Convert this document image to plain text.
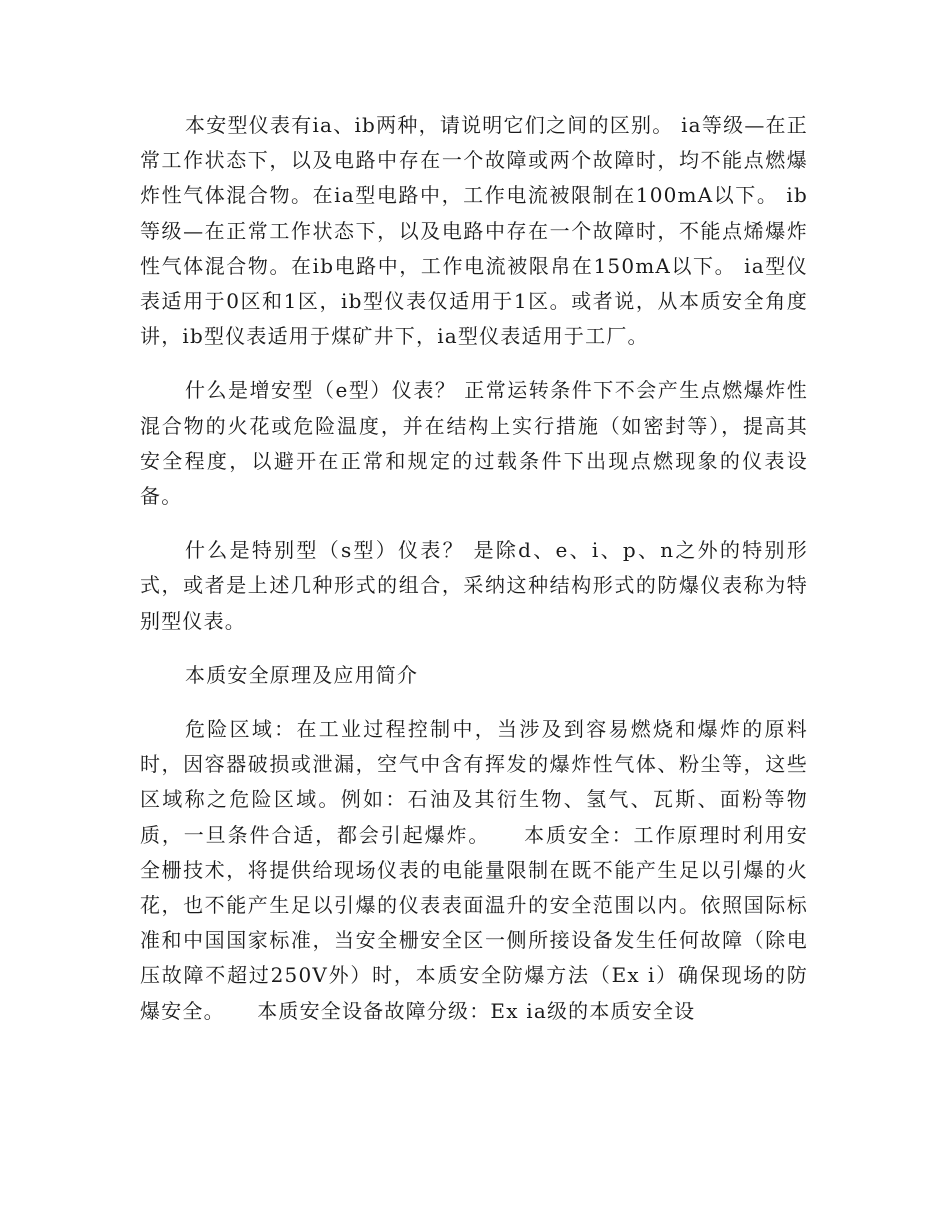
本安型仪表有ia、ib两种，请说明它们之间的区别。 ia等级—在正常工作状态下，以及电路中存在一个故障或两个故障时，均不能点燃爆炸性气体混合物。在ia型电路中，工作电流被限制在100mA以下。 ib等级—在正常工作状态下，以及电路中存在一个故障时，不能点烯爆炸性气体混合物。在ib电路中，工作电流被限帛在150mA以下。 ia型仪表适用于0区和1区，ib型仪表仅适用于1区。或者说，从本质安全角度讲，ib型仪表适用于煤矿井下，ia型仪表适用于工厂。

什么是增安型（e型）仪表？ 正常运转条件下不会产生点燃爆炸性混合物的火花或危险温度，并在结构上实行措施（如密封等），提高其安全程度，以避开在正常和规定的过载条件下出现点燃现象的仪表设备。

什么是特别型（s型）仪表？ 是除d、e、i、p、n之外的特别形式，或者是上述几种形式的组合，采纳这种结构形式的防爆仪表称为特别型仪表。

本质安全原理及应用简介

危险区域：在工业过程控制中，当涉及到容易燃烧和爆炸的原料时，因容器破损或泄漏，空气中含有挥发的爆炸性气体、粉尘等，这些区域称之危险区域。例如：石油及其衍生物、氢气、瓦斯、面粉等物质，一旦条件合适，都会引起爆炸。　　本质安全：工作原理时利用安全栅技术，将提供给现场仪表的电能量限制在既不能产生足以引爆的火花，也不能产生足以引爆的仪表表面温升的安全范围以内。依照国际标准和中国国家标准，当安全栅安全区一侧所接设备发生任何故障（除电压故障不超过250V外）时，本质安全防爆方法（Ex i）确保现场的防爆安全。　　本质安全设备故障分级：Ex ia级的本质安全设
